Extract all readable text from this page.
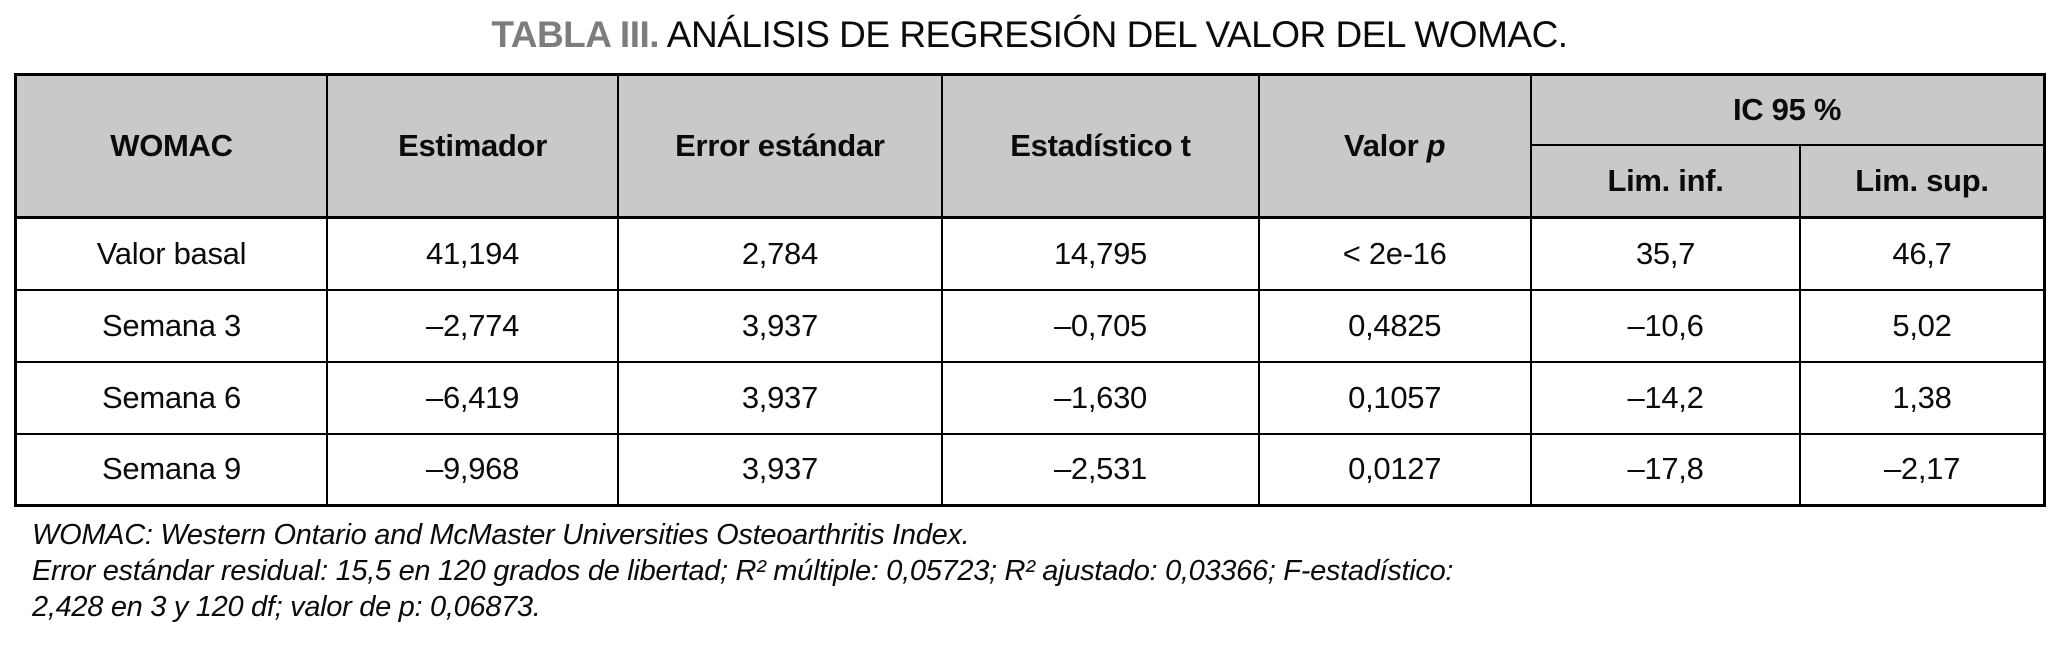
TABLA III. ANÁLISIS DE REGRESIÓN DEL VALOR DEL WOMAC.
WOMAC	Estimador	Error estándar	Estadístico t	Valor p	IC 95 %	
					Lim. inf.	Lim. sup.
Valor basal	41,194	2,784	14,795	< 2e-16	35,7	46,7
Semana 3	–2,774	3,937	–0,705	0,4825	–10,6	5,02
Semana 6	–6,419	3,937	–1,630	0,1057	–14,2	1,38
Semana 9	–9,968	3,937	–2,531	0,0127	–17,8	–2,17
WOMAC: Western Ontario and McMaster Universities Osteoarthritis Index.
Error estándar residual: 15,5 en 120 grados de libertad; R² múltiple: 0,05723; R² ajustado: 0,03366; F-estadístico:
2,428 en 3 y 120 df; valor de p: 0,06873.
